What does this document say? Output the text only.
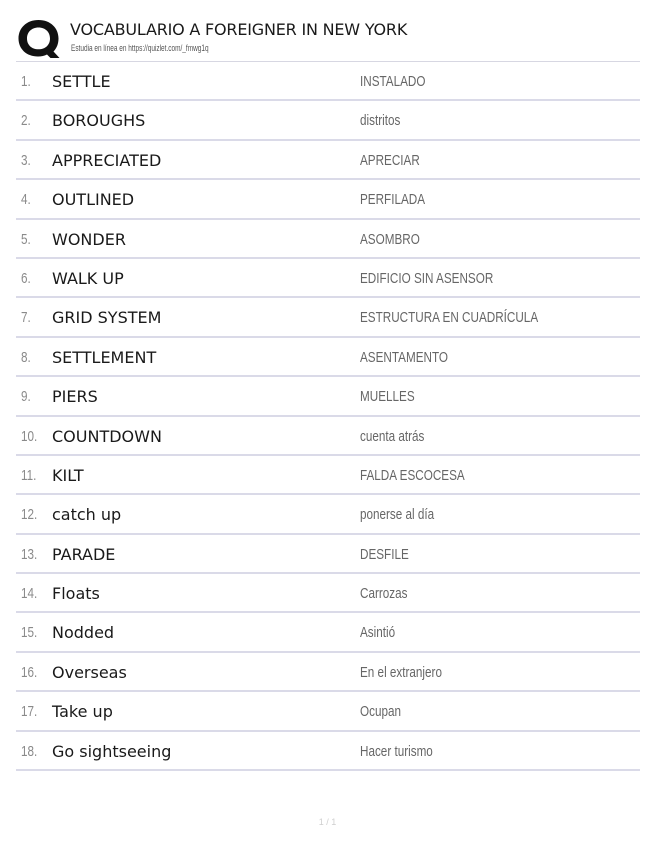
VOCABULARIO A FOREIGNER IN NEW YORK
Estudia en línea en https://quizlet.com/_fmwg1q
1. SETTLE	INSTALADO
2. BOROUGHS	distritos
3. APPRECIATED	APRECIAR
4. OUTLINED	PERFILADA
5. WONDER	ASOMBRO
6. WALK UP	EDIFICIO SIN ASENSOR
7. GRID SYSTEM	ESTRUCTURA EN CUADRÍCULA
8. SETTLEMENT	ASENTAMENTO
9. PIERS	MUELLES
10. COUNTDOWN	cuenta atrás
11. KILT	FALDA ESCOCESA
12. catch up	ponerse al día
13. PARADE	DESFILE
14. Floats	Carrozas
15. Nodded	Asintió
16. Overseas	En el extranjero
17. Take up	Ocupan
18. Go sightseeing	Hacer turismo
1 / 1
